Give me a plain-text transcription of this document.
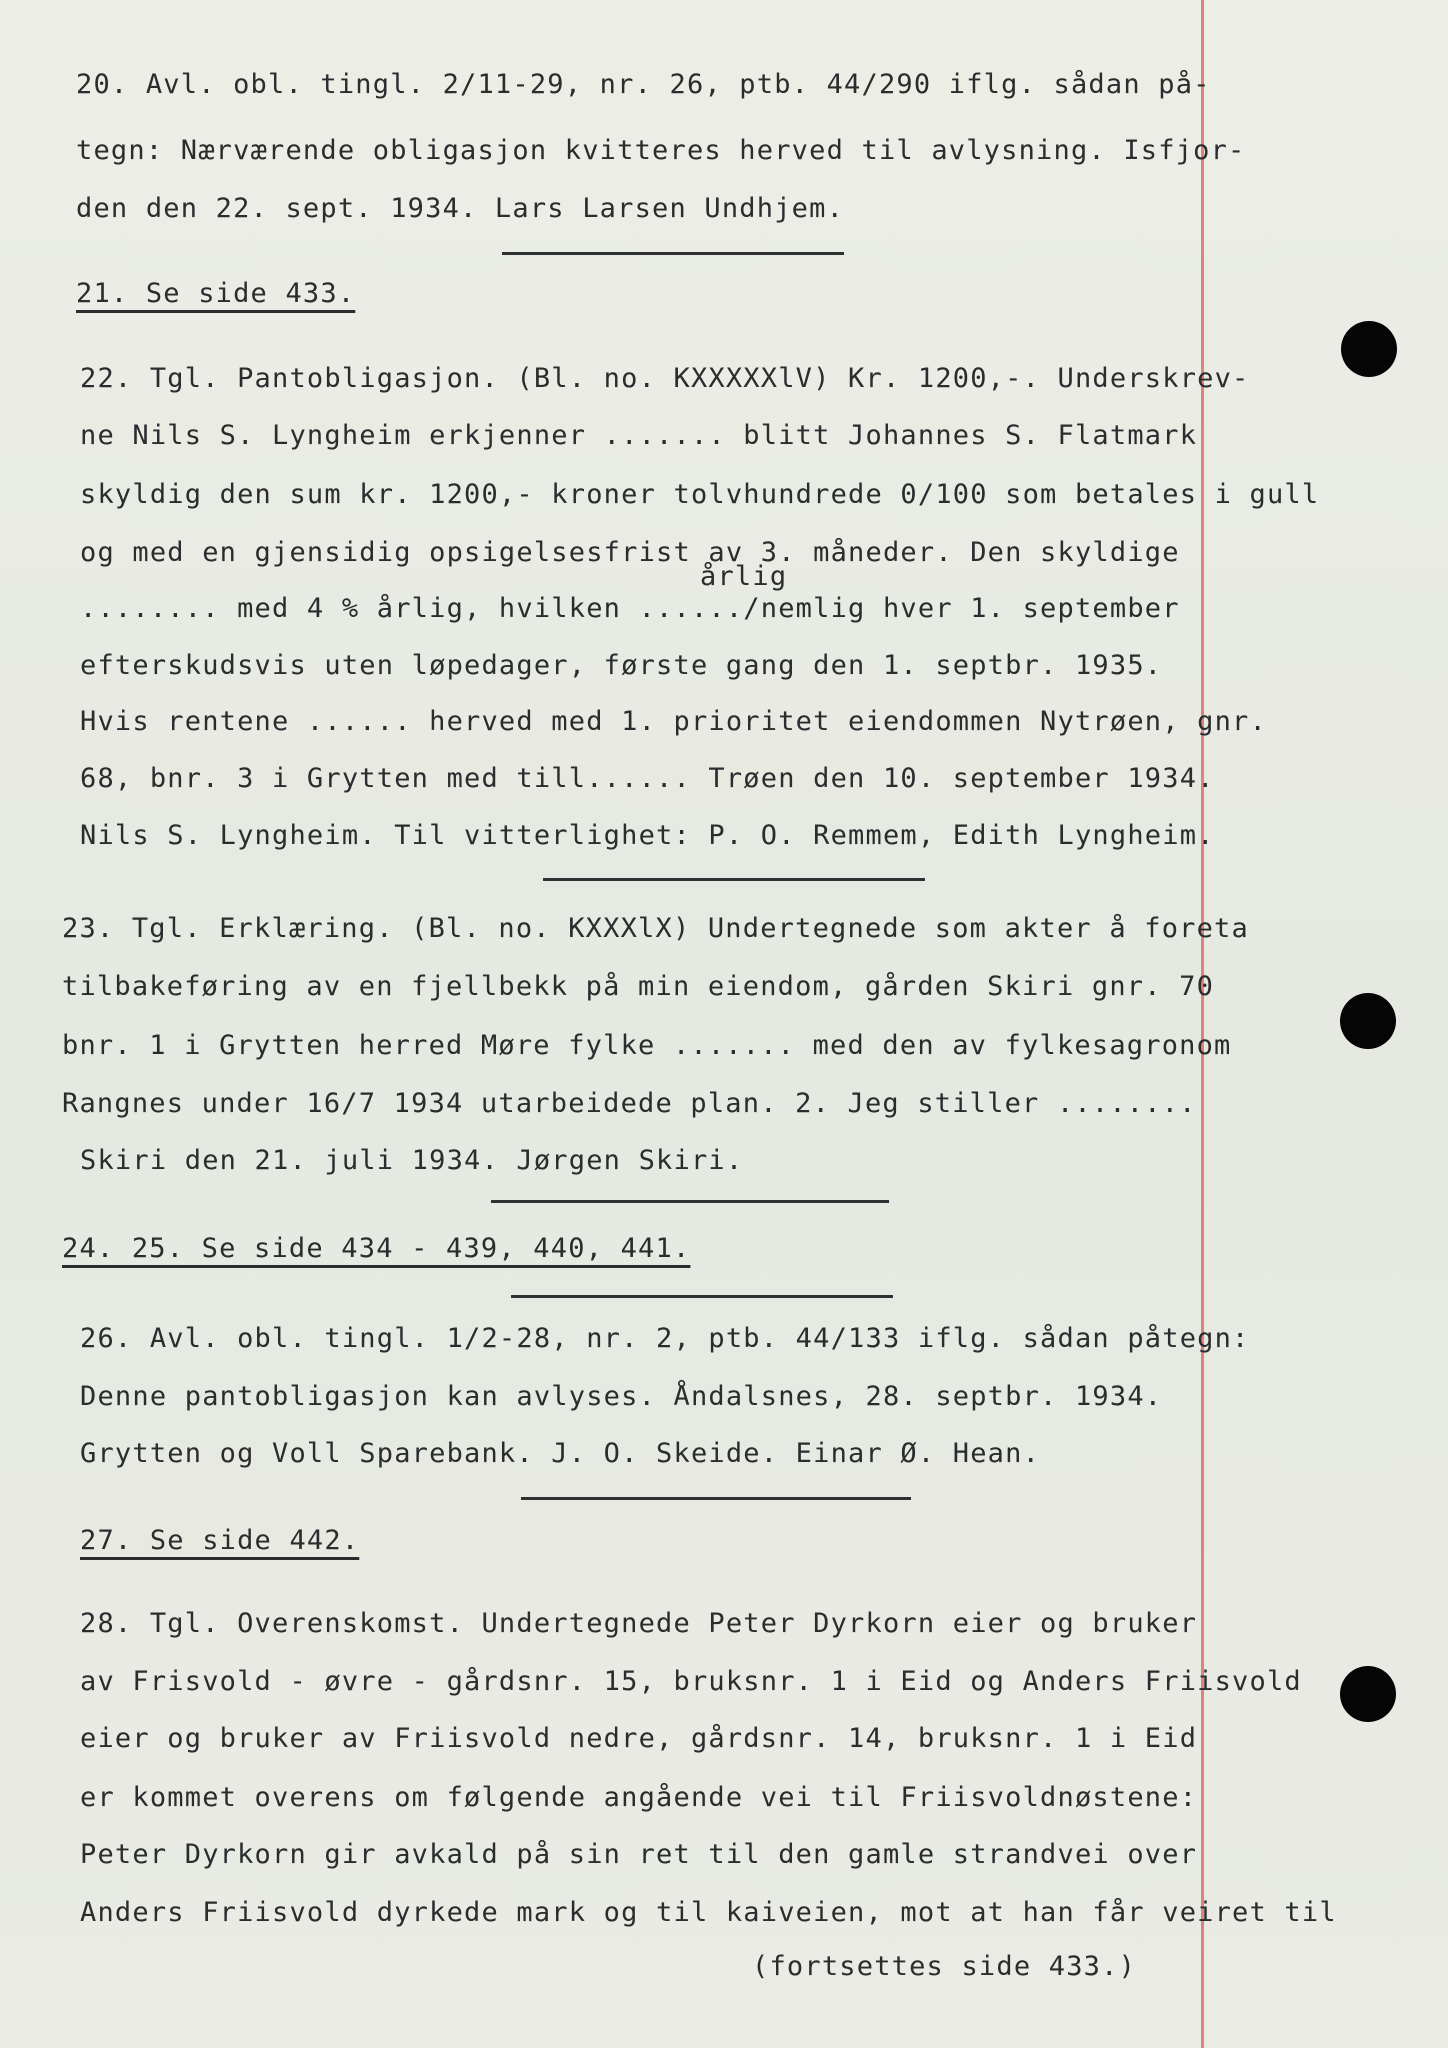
20. Avl. obl. tingl. 2/11-29, nr. 26, ptb. 44/290 iflg. sådan på-
tegn: Nærværende obligasjon kvitteres herved til avlysning. Isfjor-
den den 22. sept. 1934. Lars Larsen Undhjem.
21. Se side 433.
22. Tgl. Pantobligasjon. (Bl. no. KXXXXXlV) Kr. 1200,-. Underskrev-
ne Nils S. Lyngheim erkjenner ....... blitt Johannes S. Flatmark
skyldig den sum kr. 1200,- kroner tolvhundrede 0/100 som betales i gull
og med en gjensidig opsigelsesfrist av 3. måneder. Den skyldige
årlig
........ med 4 % årlig, hvilken ....../nemlig hver 1. september
efterskudsvis uten løpedager, første gang den 1. septbr. 1935.
Hvis rentene ...... herved med 1. prioritet eiendommen Nytrøen, gnr.
68, bnr. 3 i Grytten med till...... Trøen den 10. september 1934.
Nils S. Lyngheim. Til vitterlighet: P. O. Remmem, Edith Lyngheim.
23. Tgl. Erklæring. (Bl. no. KXXXlX) Undertegnede som akter å foreta
tilbakeføring av en fjellbekk på min eiendom, gården Skiri gnr. 70
bnr. 1 i Grytten herred Møre fylke ....... med den av fylkesagronom
Rangnes under 16/7 1934 utarbeidede plan. 2. Jeg stiller ........
Skiri den 21. juli 1934. Jørgen Skiri.
24. 25. Se side 434 - 439, 440, 441.
26. Avl. obl. tingl. 1/2-28, nr. 2, ptb. 44/133 iflg. sådan påtegn:
Denne pantobligasjon kan avlyses. Åndalsnes, 28. septbr. 1934.
Grytten og Voll Sparebank. J. O. Skeide. Einar Ø. Hean.
27. Se side 442.
28. Tgl. Overenskomst. Undertegnede Peter Dyrkorn eier og bruker
av Frisvold - øvre - gårdsnr. 15, bruksnr. 1 i Eid og Anders Friisvold
eier og bruker av Friisvold nedre, gårdsnr. 14, bruksnr. 1 i Eid
er kommet overens om følgende angående vei til Friisvoldnøstene:
Peter Dyrkorn gir avkald på sin ret til den gamle strandvei over
Anders Friisvold dyrkede mark og til kaiveien, mot at han får veiret til
(fortsettes side 433.)
